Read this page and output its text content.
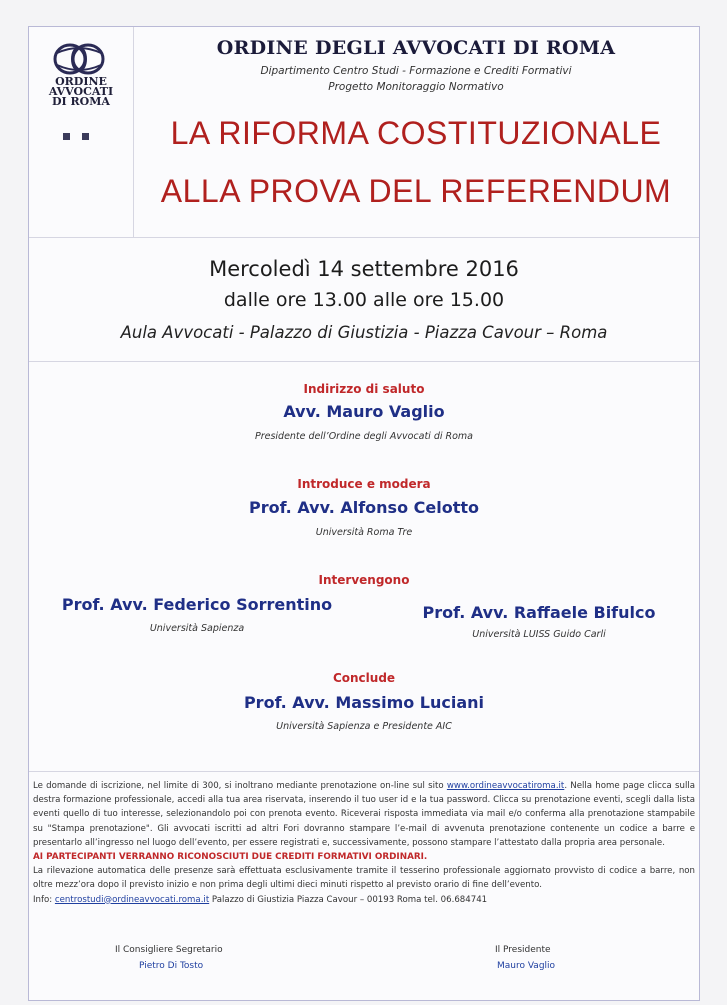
ORDINE
AVVOCATI
DI ROMA
ORDINE DEGLI AVVOCATI DI ROMA
Dipartimento Centro Studi - Formazione e Crediti Formativi
Progetto Monitoraggio Normativo
LA RIFORMA COSTITUZIONALE
ALLA PROVA DEL REFERENDUM
Mercoledì 14 settembre 2016
dalle ore 13.00 alle ore 15.00
Aula Avvocati - Palazzo di Giustizia - Piazza Cavour – Roma
Indirizzo di saluto
Avv. Mauro Vaglio
Presidente dell’Ordine degli Avvocati di Roma
Introduce e modera
Prof. Avv. Alfonso Celotto
Università Roma Tre
Intervengono
Prof. Avv. Federico Sorrentino
Università Sapienza
Prof. Avv. Raffaele Bifulco
Università LUISS Guido Carli
Conclude
Prof. Avv. Massimo Luciani
Università Sapienza e Presidente AIC

Le domande di iscrizione, nel limite di 300, si inoltrano mediante prenotazione on-line sul sito www.ordineavvocatiroma.it. Nella home page clicca sulla destra formazione professionale, accedi alla tua area riservata, inserendo il tuo user id e la tua password. Clicca su prenotazione eventi, scegli dalla lista eventi quello di tuo interesse, selezionandolo poi con prenota evento. Riceverai risposta immediata via mail e/o conferma alla prenotazione stampabile su "Stampa prenotazione". Gli avvocati iscritti ad altri Fori dovranno stampare l’e-mail di avvenuta prenotazione contenente un codice a barre e presentarlo all’ingresso nel luogo dell’evento, per essere registrati e, successivamente, possono stampare l’attestato dalla propria area personale.

AI PARTECIPANTI VERRANNO RICONOSCIUTI DUE CREDITI FORMATIVI ORDINARI.

La rilevazione automatica delle presenze sarà effettuata esclusivamente tramite il tesserino professionale aggiornato provvisto di codice a barre, non oltre mezz’ora dopo il previsto inizio e non prima degli ultimi dieci minuti rispetto al previsto orario di fine dell’evento.

Info: centrostudi@ordineavvocati.roma.it Palazzo di Giustizia Piazza Cavour – 00193 Roma tel. 06.684741

Il Consigliere Segretario
Pietro Di Tosto
Il Presidente
Mauro Vaglio
